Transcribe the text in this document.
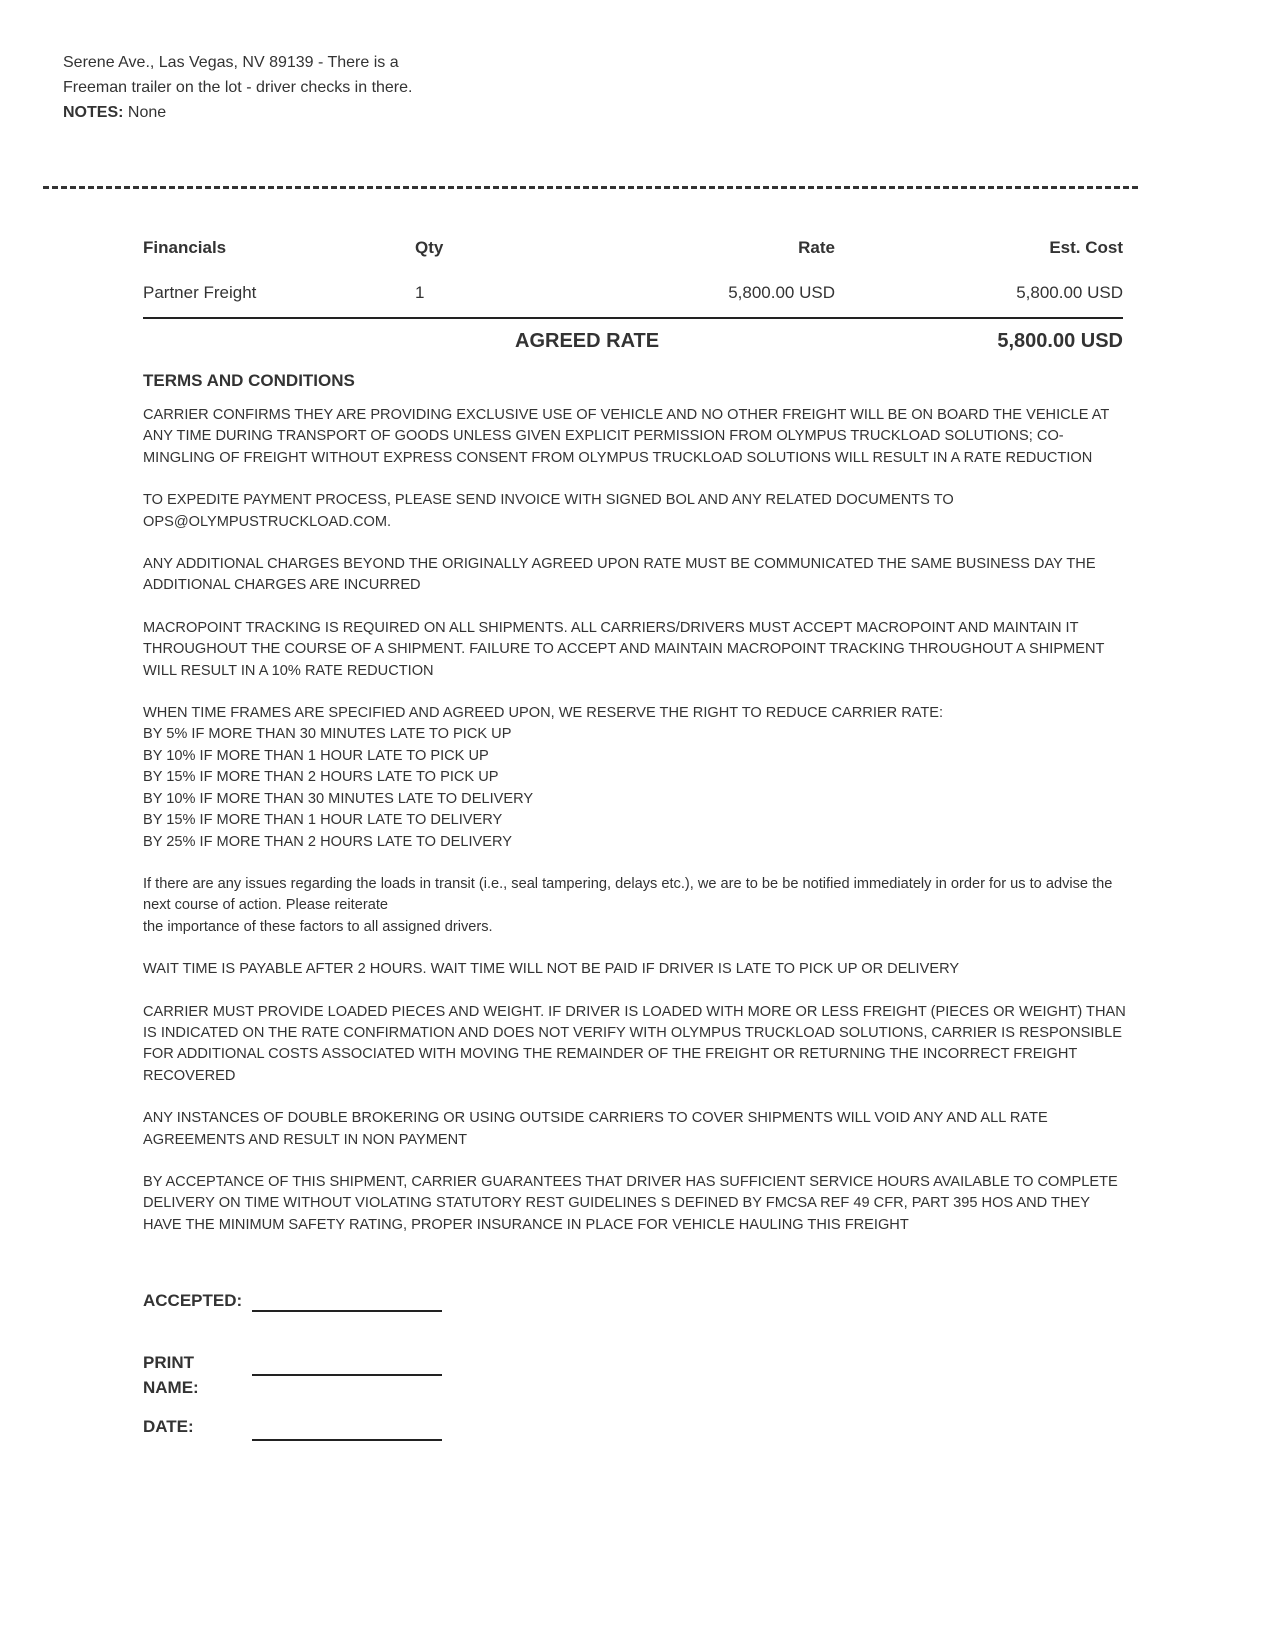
Serene Ave., Las Vegas, NV 89139 - There is a

Freeman trailer on the lot - driver checks in there.

NOTES: None

Financials	Qty	Rate	Est. Cost
Partner Freight	1	5,800.00 USD	5,800.00 USD
AGREED RATE	5,800.00 USD
TERMS AND CONDITIONS

CARRIER CONFIRMS THEY ARE PROVIDING EXCLUSIVE USE OF VEHICLE AND NO OTHER FREIGHT WILL BE ON BOARD THE VEHICLE AT ANY TIME DURING TRANSPORT OF GOODS UNLESS GIVEN EXPLICIT PERMISSION FROM OLYMPUS TRUCKLOAD SOLUTIONS; CO-MINGLING OF FREIGHT WITHOUT EXPRESS CONSENT FROM OLYMPUS TRUCKLOAD SOLUTIONS WILL RESULT IN A RATE REDUCTION

TO EXPEDITE PAYMENT PROCESS, PLEASE SEND INVOICE WITH SIGNED BOL AND ANY RELATED DOCUMENTS TO
OPS@OLYMPUSTRUCKLOAD.COM.

ANY ADDITIONAL CHARGES BEYOND THE ORIGINALLY AGREED UPON RATE MUST BE COMMUNICATED THE SAME BUSINESS DAY THE ADDITIONAL CHARGES ARE INCURRED

MACROPOINT TRACKING IS REQUIRED ON ALL SHIPMENTS. ALL CARRIERS/DRIVERS MUST ACCEPT MACROPOINT AND MAINTAIN IT THROUGHOUT THE COURSE OF A SHIPMENT. FAILURE TO ACCEPT AND MAINTAIN MACROPOINT TRACKING THROUGHOUT A SHIPMENT WILL RESULT IN A 10% RATE REDUCTION

WHEN TIME FRAMES ARE SPECIFIED AND AGREED UPON, WE RESERVE THE RIGHT TO REDUCE CARRIER RATE:
BY 5% IF MORE THAN 30 MINUTES LATE TO PICK UP
BY 10% IF MORE THAN 1 HOUR LATE TO PICK UP
BY 15% IF MORE THAN 2 HOURS LATE TO PICK UP
BY 10% IF MORE THAN 30 MINUTES LATE TO DELIVERY
BY 15% IF MORE THAN 1 HOUR LATE TO DELIVERY
BY 25% IF MORE THAN 2 HOURS LATE TO DELIVERY

If there are any issues regarding the loads in transit (i.e., seal tampering, delays etc.), we are to be be notified immediately in order for us to advise the next course of action. Please reiterate
the importance of these factors to all assigned drivers.

WAIT TIME IS PAYABLE AFTER 2 HOURS. WAIT TIME WILL NOT BE PAID IF DRIVER IS LATE TO PICK UP OR DELIVERY

CARRIER MUST PROVIDE LOADED PIECES AND WEIGHT. IF DRIVER IS LOADED WITH MORE OR LESS FREIGHT (PIECES OR WEIGHT) THAN IS INDICATED ON THE RATE CONFIRMATION AND DOES NOT VERIFY WITH OLYMPUS TRUCKLOAD SOLUTIONS, CARRIER IS RESPONSIBLE FOR ADDITIONAL COSTS ASSOCIATED WITH MOVING THE REMAINDER OF THE FREIGHT OR RETURNING THE INCORRECT FREIGHT RECOVERED

ANY INSTANCES OF DOUBLE BROKERING OR USING OUTSIDE CARRIERS TO COVER SHIPMENTS WILL VOID ANY AND ALL RATE AGREEMENTS AND RESULT IN NON PAYMENT

BY ACCEPTANCE OF THIS SHIPMENT, CARRIER GUARANTEES THAT DRIVER HAS SUFFICIENT SERVICE HOURS AVAILABLE TO COMPLETE DELIVERY ON TIME WITHOUT VIOLATING STATUTORY REST GUIDELINES S DEFINED BY FMCSA REF 49 CFR, PART 395 HOS AND THEY HAVE THE MINIMUM SAFETY RATING, PROPER INSURANCE IN PLACE FOR VEHICLE HAULING THIS FREIGHT

ACCEPTED:
PRINT
NAME:
DATE:
